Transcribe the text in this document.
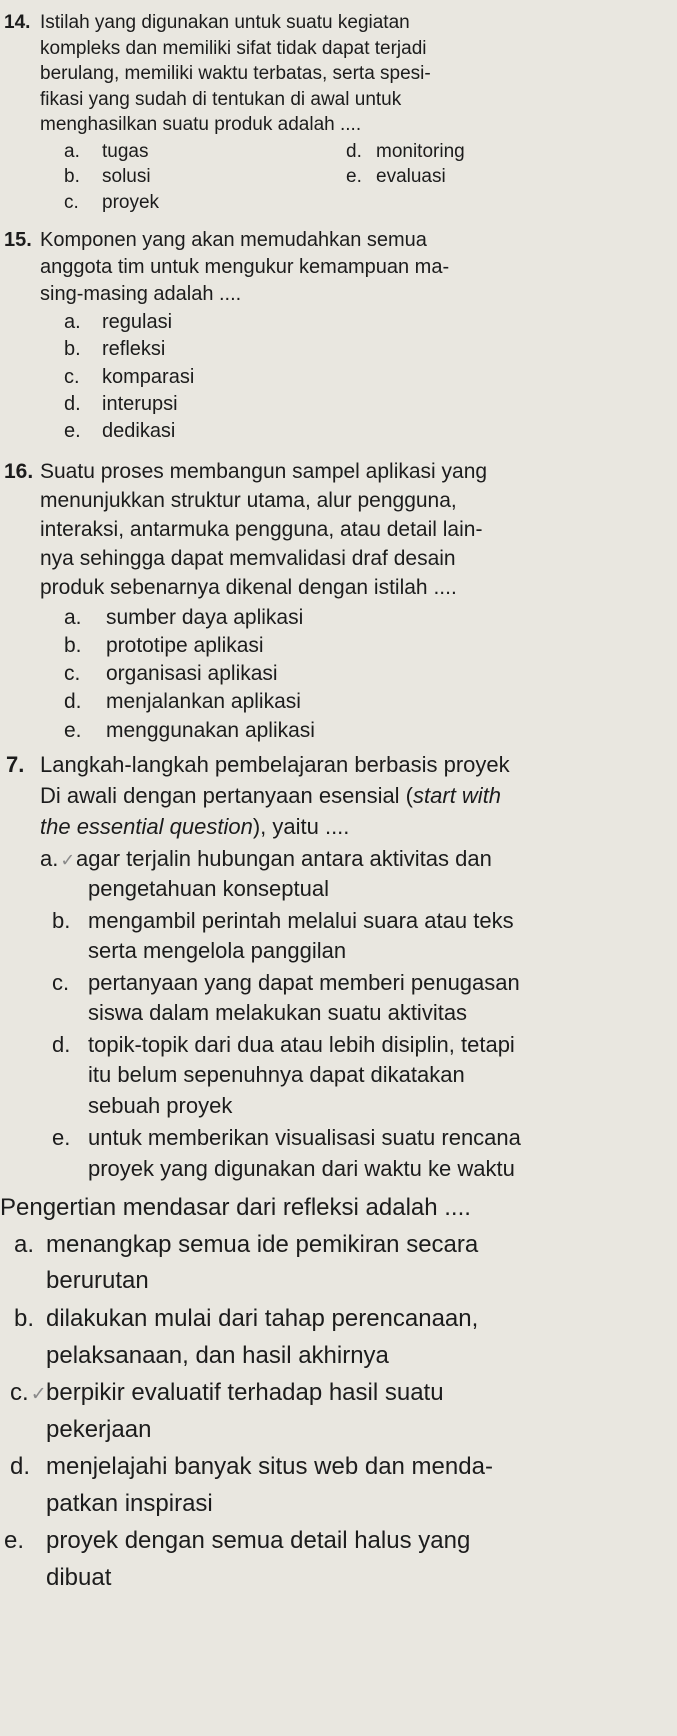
14. Istilah yang digunakan untuk suatu kegiatan
kompleks dan memiliki sifat tidak dapat terjadi
berulang, memiliki waktu terbatas, serta spesi-
fikasi yang sudah di tentukan di awal untuk
menghasilkan suatu produk adalah ....
a. tugas
b. solusi
c. proyek
d. monitoring
e. evaluasi
15. Komponen yang akan memudahkan semua
anggota tim untuk mengukur kemampuan ma-
sing-masing adalah ....
a. regulasi
b. refleksi
c. komparasi
d. interupsi
e. dedikasi
16. Suatu proses membangun sampel aplikasi yang
menunjukkan struktur utama, alur pengguna,
interaksi, antarmuka pengguna, atau detail lain-
nya sehingga dapat memvalidasi draf desain
produk sebenarnya dikenal dengan istilah ....
a. sumber daya aplikasi
b. prototipe aplikasi
c. organisasi aplikasi
d. menjalankan aplikasi
e. menggunakan aplikasi
7. Langkah-langkah pembelajaran berbasis proyek
Di awali dengan pertanyaan esensial (start with
the essential question), yaitu ....
a. ✓agar terjalin hubungan antara aktivitas dan
pengetahuan konseptual
b. mengambil perintah melalui suara atau teks
serta mengelola panggilan
c. pertanyaan yang dapat memberi penugasan
siswa dalam melakukan suatu aktivitas
d. topik-topik dari dua atau lebih disiplin, tetapi
itu belum sepenuhnya dapat dikatakan
sebuah proyek
e. untuk memberikan visualisasi suatu rencana
proyek yang digunakan dari waktu ke waktu
Pengertian mendasar dari refleksi adalah ....
a. menangkap semua ide pemikiran secara
berurutan
b. dilakukan mulai dari tahap perencanaan,
pelaksanaan, dan hasil akhirnya
c. ✓berpikir evaluatif terhadap hasil suatu
pekerjaan
d. menjelajahi banyak situs web dan menda-
patkan inspirasi
e. proyek dengan semua detail halus yang
dibuat
